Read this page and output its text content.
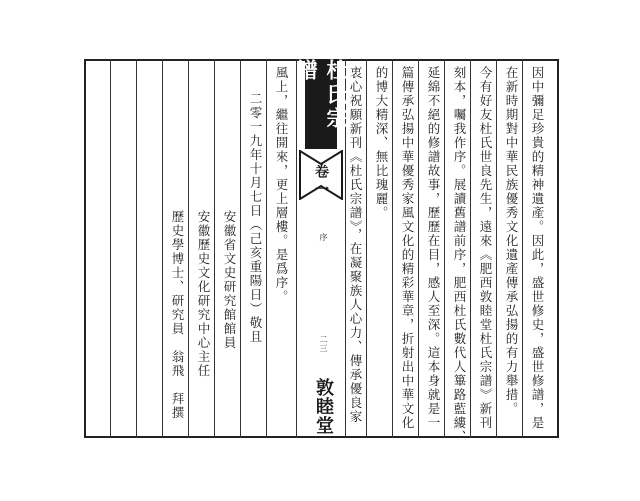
因中彌足珍貴的精神遺產。因此，盛世修史，盛世修譜，是
在新時期對中華民族優秀文化遺產傳承弘揚的有力舉措。
今有好友杜氏世良先生，遠來《肥西敦睦堂杜氏宗譜》新刊
刻本，囑我作序。展讀舊譜前序，肥西杜氏數代人篳路藍縷、
延綿不絕的修譜故事，歷歷在目，感人至深。這本身就是一
篇傳承弘揚中華優秀家風文化的精彩華章，折射出中華文化
的博大精深、無比瑰麗。
衷心祝願新刊《杜氏宗譜》，在凝聚族人心力、傳承優良家
杜氏宗譜
卷一
序
二三
敦睦堂
風上，繼往開來，更上層樓。是爲序。
二零一九年十月七日（己亥重陽日）敬且
安徽省文史研究館館員
安徽歷史文化研究中心主任
歷史學博士、研究員　翁飛　拜撰
